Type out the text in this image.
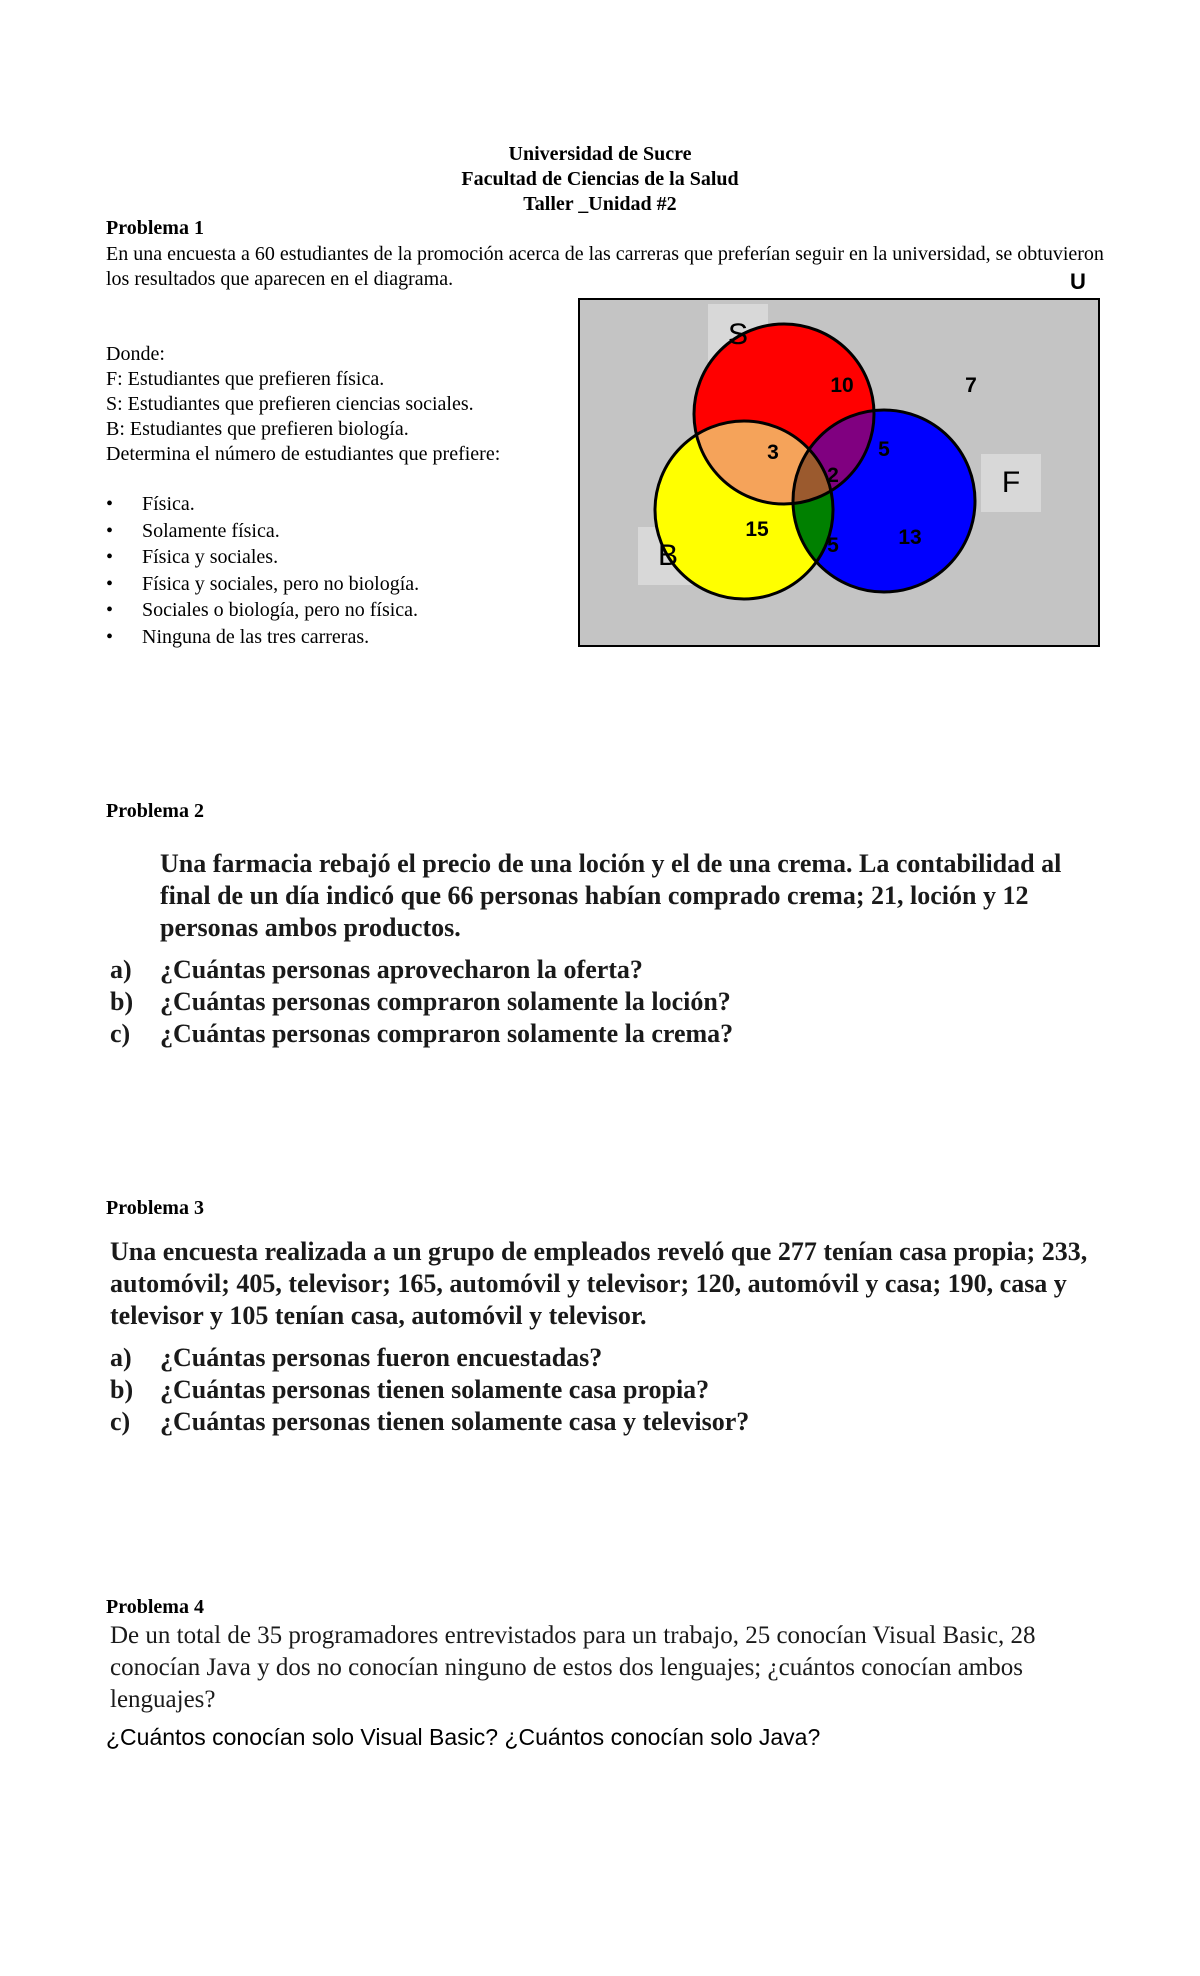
Universidad de Sucre
Facultad de Ciencias de la Salud
Taller _Unidad #2
Problema 1
En una encuesta a 60 estudiantes de la promoción acerca de las carreras que preferían seguir en la universidad, se obtuvieron los resultados que aparecen en el diagrama.
Donde:
F: Estudiantes que prefieren física.
S: Estudiantes que prefieren ciencias sociales.
B: Estudiantes que prefieren biología.
Determina el número de estudiantes que prefiere:
• Física.
• Solamente física.
• Física y sociales.
• Física y sociales, pero no biología.
• Sociales o biología, pero no física.
• Ninguna de las tres carreras.
U
S
F
B
10	7
3	5
2
15
5	13
Problema 2
Una farmacia rebajó el precio de una loción y el de una crema. La contabilidad al final de un día indicó que 66 personas habían comprado crema; 21, loción y 12 personas ambos productos.
a)	¿Cuántas personas aprovecharon la oferta?
b)	¿Cuántas personas compraron solamente la loción?
c)	¿Cuántas personas compraron solamente la crema?
Problema 3
Una encuesta realizada a un grupo de empleados reveló que 277 tenían casa propia; 233, automóvil; 405, televisor; 165, automóvil y televisor; 120, automóvil y casa; 190, casa y televisor y 105 tenían casa, automóvil y televisor.
a)	¿Cuántas personas fueron encuestadas?
b)	¿Cuántas personas tienen solamente casa propia?
c)	¿Cuántas personas tienen solamente casa y televisor?
Problema 4
De un total de 35 programadores entrevistados para un trabajo, 25 conocían Visual Basic, 28 conocían Java y dos no conocían ninguno de estos dos lenguajes; ¿cuántos conocían ambos lenguajes?
¿Cuántos conocían solo Visual Basic? ¿Cuántos conocían solo Java?
